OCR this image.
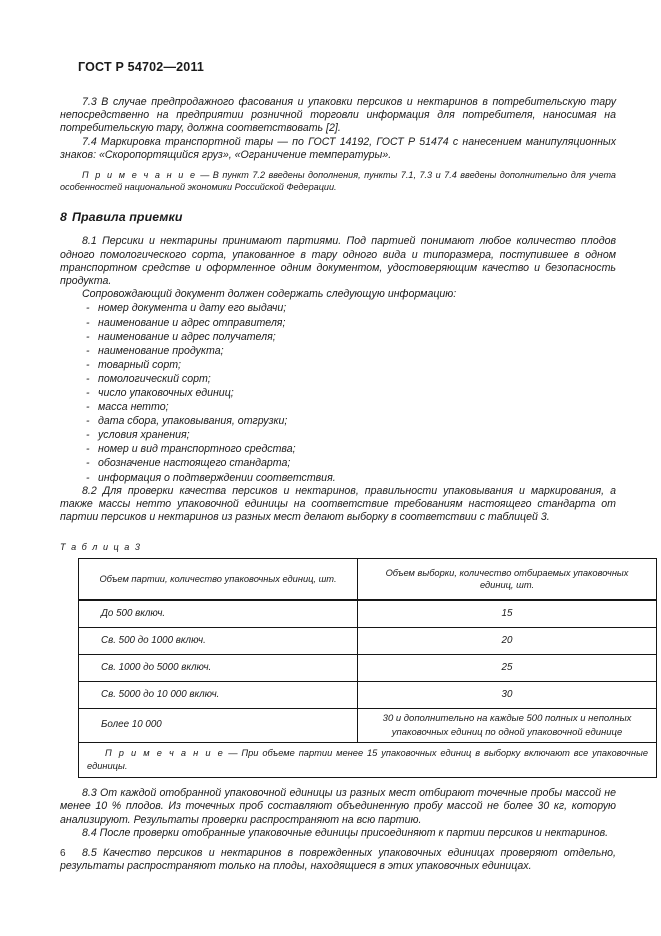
ГОСТ Р 54702—2011

7.3 В случае предпродажного фасования и упаковки персиков и нектаринов в потребительскую тару непосредственно на предприятии розничной торговли информация для потребителя, наносимая на потребительскую тару, должна соответствовать [2].

7.4 Маркировка транспортной тары — по ГОСТ 14192, ГОСТ Р 51474 с нанесением манипуляционных знаков: «Скоропортящийся груз», «Ограничение температуры».

П р и м е ч а н и е — В пункт 7.2 введены дополнения, пункты 7.1, 7.3 и 7.4 введены дополнительно для учета особенностей национальной экономики Российской Федерации.

8 Правила приемки

8.1 Персики и нектарины принимают партиями. Под партией понимают любое количество плодов одного помологического сорта, упакованное в тару одного вида и типоразмера, поступившее в одном транспортном средстве и оформленное одним документом, удостоверяющим качество и безопасность продукта.

Сопровождающий документ должен содержать следующую информацию:

- номер документа и дату его выдачи;
- наименование и адрес отправителя;
- наименование и адрес получателя;
- наименование продукта;
- товарный сорт;
- помологический сорт;
- число упаковочных единиц;
- масса нетто;
- дата сбора, упаковывания, отгрузки;
- условия хранения;
- номер и вид транспортного средства;
- обозначение настоящего стандарта;
- информация о подтверждении соответствия.

8.2 Для проверки качества персиков и нектаринов, правильности упаковывания и маркирования, а также массы нетто упаковочной единицы на соответствие требованиям настоящего стандарта от партии персиков и нектаринов из разных мест делают выборку в соответствии с таблицей 3.

Т а б л и ц а 3
Объем партии, количество упаковочных единиц, шт.	Объем выборки, количество отбираемых упаковочных единиц, шт.
До 500 включ.	15
Св. 500 до 1000 включ.	20
Св. 1000 до 5000 включ.	25
Св. 5000 до 10 000 включ.	30
Более 10 000	30 и дополнительно на каждые 500 полных и неполных упаковочных единиц по одной упаковочной единице
П р и м е ч а н и е — При объеме партии менее 15 упаковочных единиц в выборку включают все упаковочные единицы.	

8.3 От каждой отобранной упаковочной единицы из разных мест отбирают точечные пробы массой не менее 10 % плодов. Из точечных проб составляют объединенную пробу массой не более 30 кг, которую анализируют. Результаты проверки распространяют на всю партию.

8.4 После проверки отобранные упаковочные единицы присоединяют к партии персиков и нектаринов.

8.5 Качество персиков и нектаринов в поврежденных упаковочных единицах проверяют отдельно, результаты распространяют только на плоды, находящиеся в этих упаковочных единицах.

6
